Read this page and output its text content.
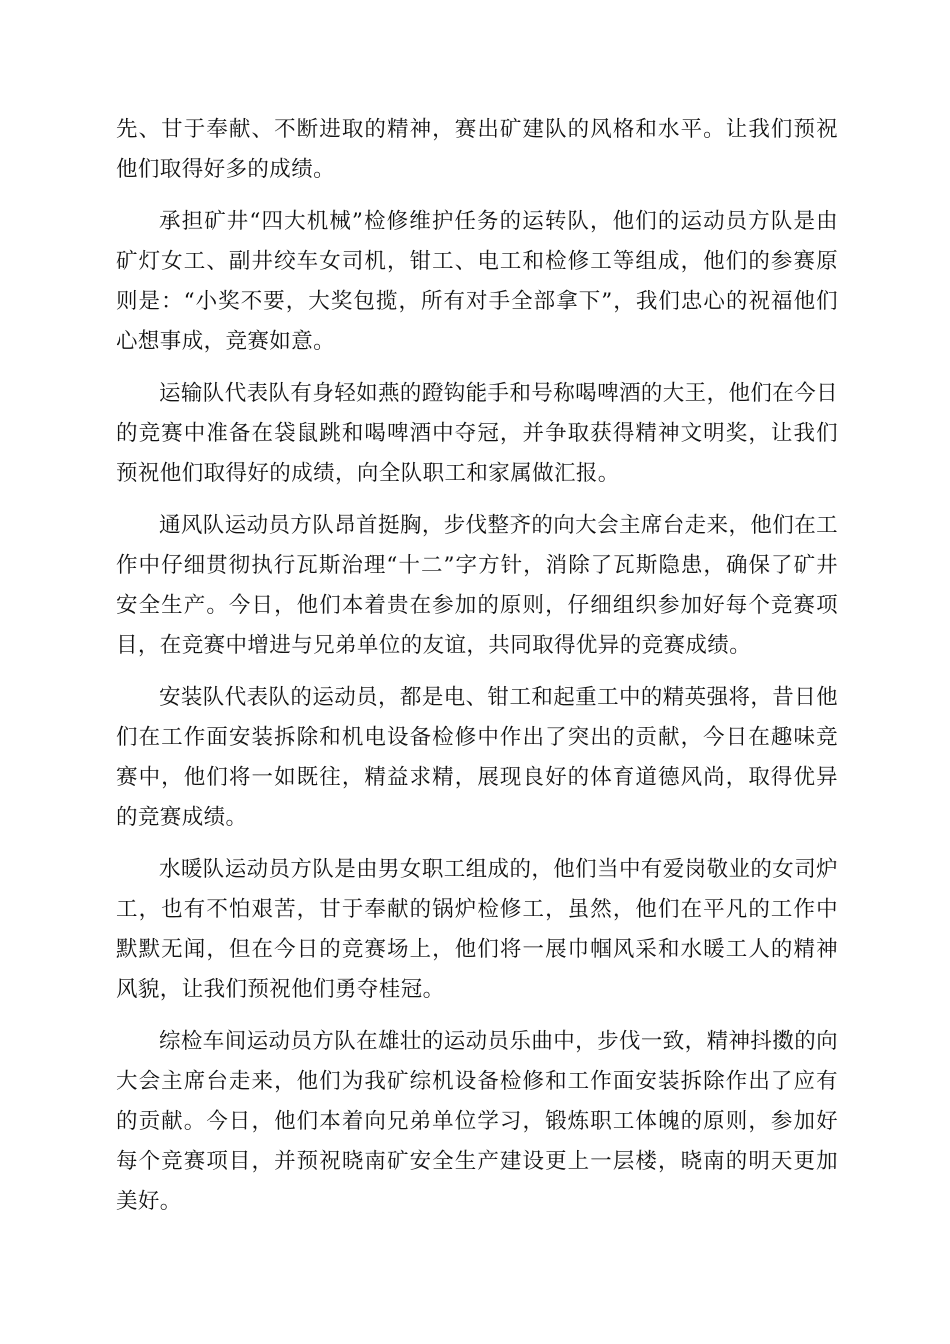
先、甘于奉献、不断进取的精神，赛出矿建队的风格和水平。让我们预祝他们取得好多的成绩。

承担矿井“四大机械”检修维护任务的运转队，他们的运动员方队是由矿灯女工、副井绞车女司机，钳工、电工和检修工等组成，他们的参赛原则是：“小奖不要，大奖包揽，所有对手全部拿下”，我们忠心的祝福他们心想事成，竞赛如意。

运输队代表队有身轻如燕的蹬钩能手和号称喝啤酒的大王，他们在今日的竞赛中准备在袋鼠跳和喝啤酒中夺冠，并争取获得精神文明奖，让我们预祝他们取得好的成绩，向全队职工和家属做汇报。

通风队运动员方队昂首挺胸，步伐整齐的向大会主席台走来，他们在工作中仔细贯彻执行瓦斯治理“十二”字方针，消除了瓦斯隐患，确保了矿井安全生产。今日，他们本着贵在参加的原则，仔细组织参加好每个竞赛项目，在竞赛中增进与兄弟单位的友谊，共同取得优异的竞赛成绩。

安装队代表队的运动员，都是电、钳工和起重工中的精英强将，昔日他们在工作面安装拆除和机电设备检修中作出了突出的贡献，今日在趣味竞赛中，他们将一如既往，精益求精，展现良好的体育道德风尚，取得优异的竞赛成绩。

水暖队运动员方队是由男女职工组成的，他们当中有爱岗敬业的女司炉工，也有不怕艰苦，甘于奉献的锅炉检修工，虽然，他们在平凡的工作中默默无闻，但在今日的竞赛场上，他们将一展巾帼风采和水暖工人的精神风貌，让我们预祝他们勇夺桂冠。

综检车间运动员方队在雄壮的运动员乐曲中，步伐一致，精神抖擞的向大会主席台走来，他们为我矿综机设备检修和工作面安装拆除作出了应有的贡献。今日，他们本着向兄弟单位学习，锻炼职工体魄的原则，参加好每个竞赛项目，并预祝晓南矿安全生产建设更上一层楼，晓南的明天更加美好。
